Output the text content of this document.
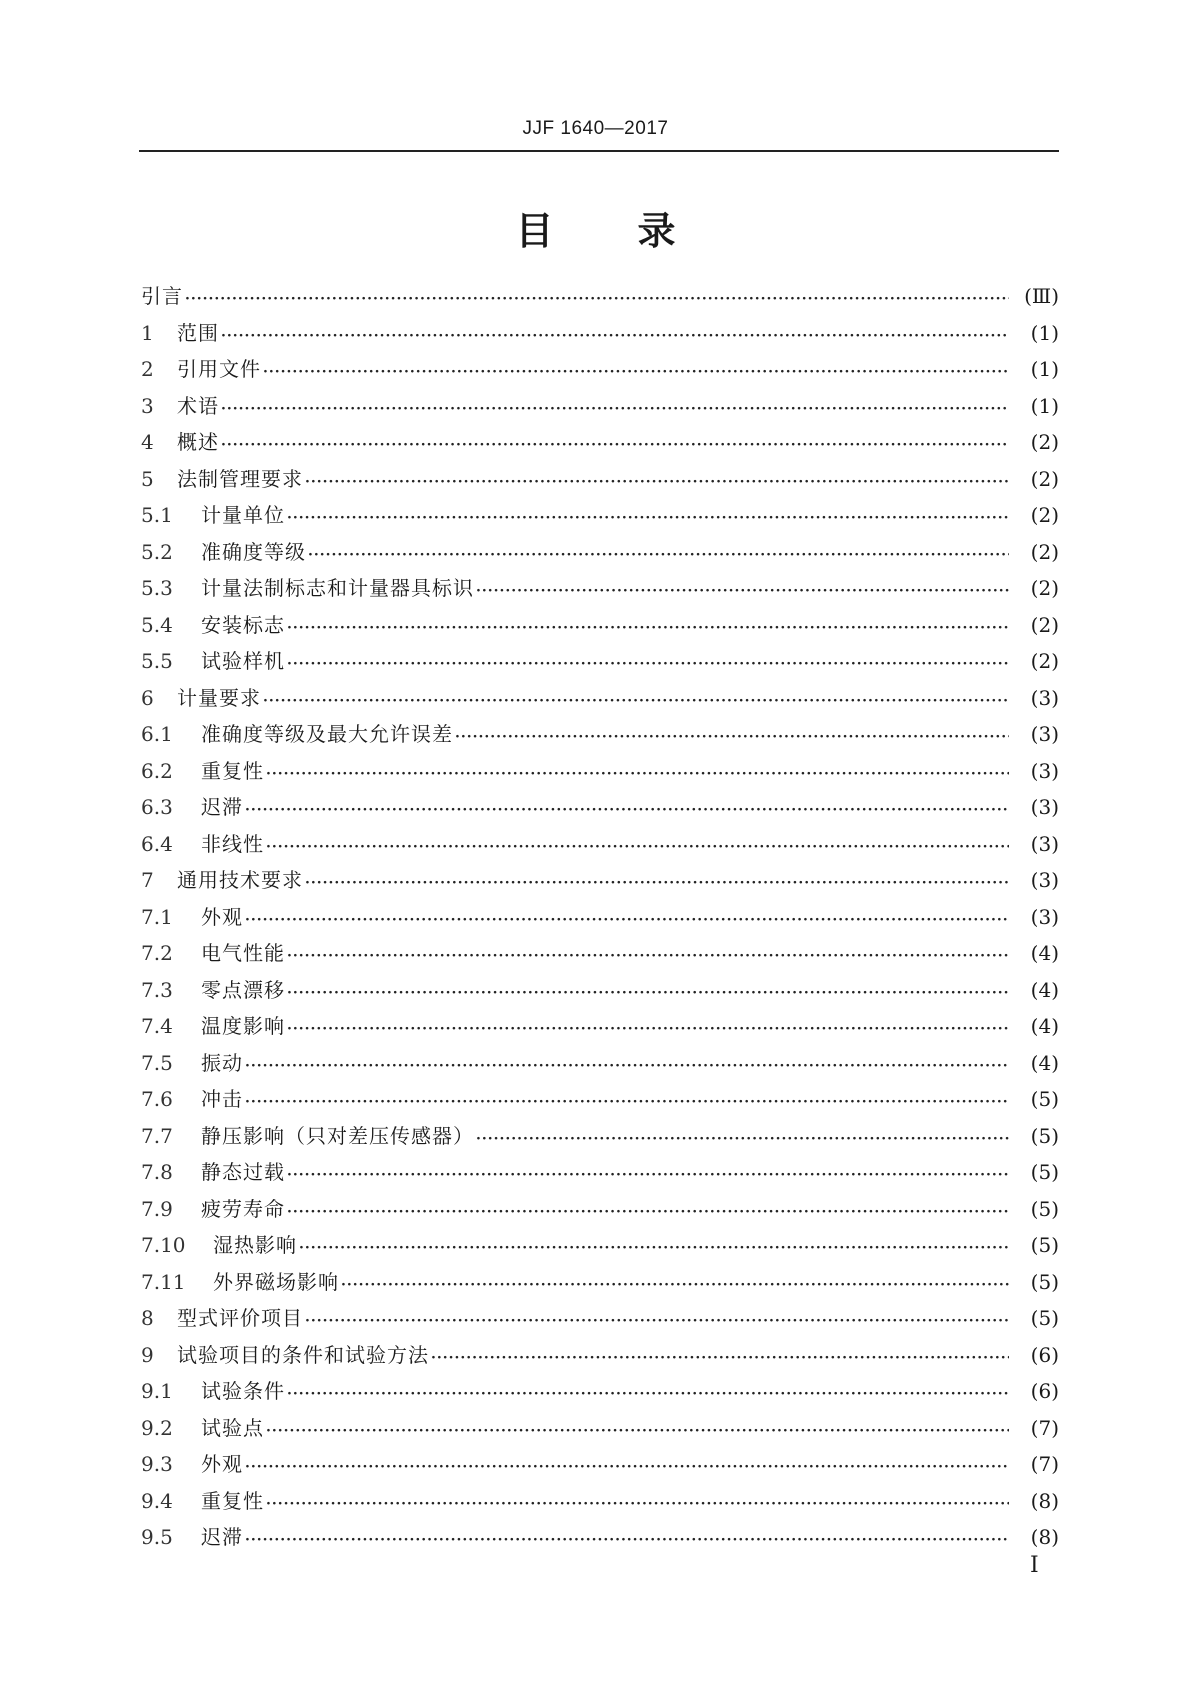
JJF 1640—2017
目 录
引言 ·····	(Ⅲ)
1	范围 ·····	(1)
2	引用文件 ·····	(1)
3	术语 ·····	(1)
4	概述 ·····	(2)
5	法制管理要求 ·····	(2)
5.1	计量单位 ·····	(2)
5.2	准确度等级 ·····	(2)
5.3	计量法制标志和计量器具标识 ·····	(2)
5.4	安装标志 ·····	(2)
5.5	试验样机 ·····	(2)
6	计量要求 ·····	(3)
6.1	准确度等级及最大允许误差 ·····	(3)
6.2	重复性 ·····	(3)
6.3	迟滞 ·····	(3)
6.4	非线性 ·····	(3)
7	通用技术要求 ·····	(3)
7.1	外观 ·····	(3)
7.2	电气性能 ·····	(4)
7.3	零点漂移 ·····	(4)
7.4	温度影响 ·····	(4)
7.5	振动 ·····	(4)
7.6	冲击 ·····	(5)
7.7	静压影响（只对差压传感器） ·····	(5)
7.8	静态过载 ·····	(5)
7.9	疲劳寿命 ·····	(5)
7.10	湿热影响 ·····	(5)
7.11	外界磁场影响 ·····	(5)
8	型式评价项目 ·····	(5)
9	试验项目的条件和试验方法 ·····	(6)
9.1	试验条件 ·····	(6)
9.2	试验点 ·····	(7)
9.3	外观 ·····	(7)
9.4	重复性 ·····	(8)
9.5	迟滞 ·····	(8)
I
